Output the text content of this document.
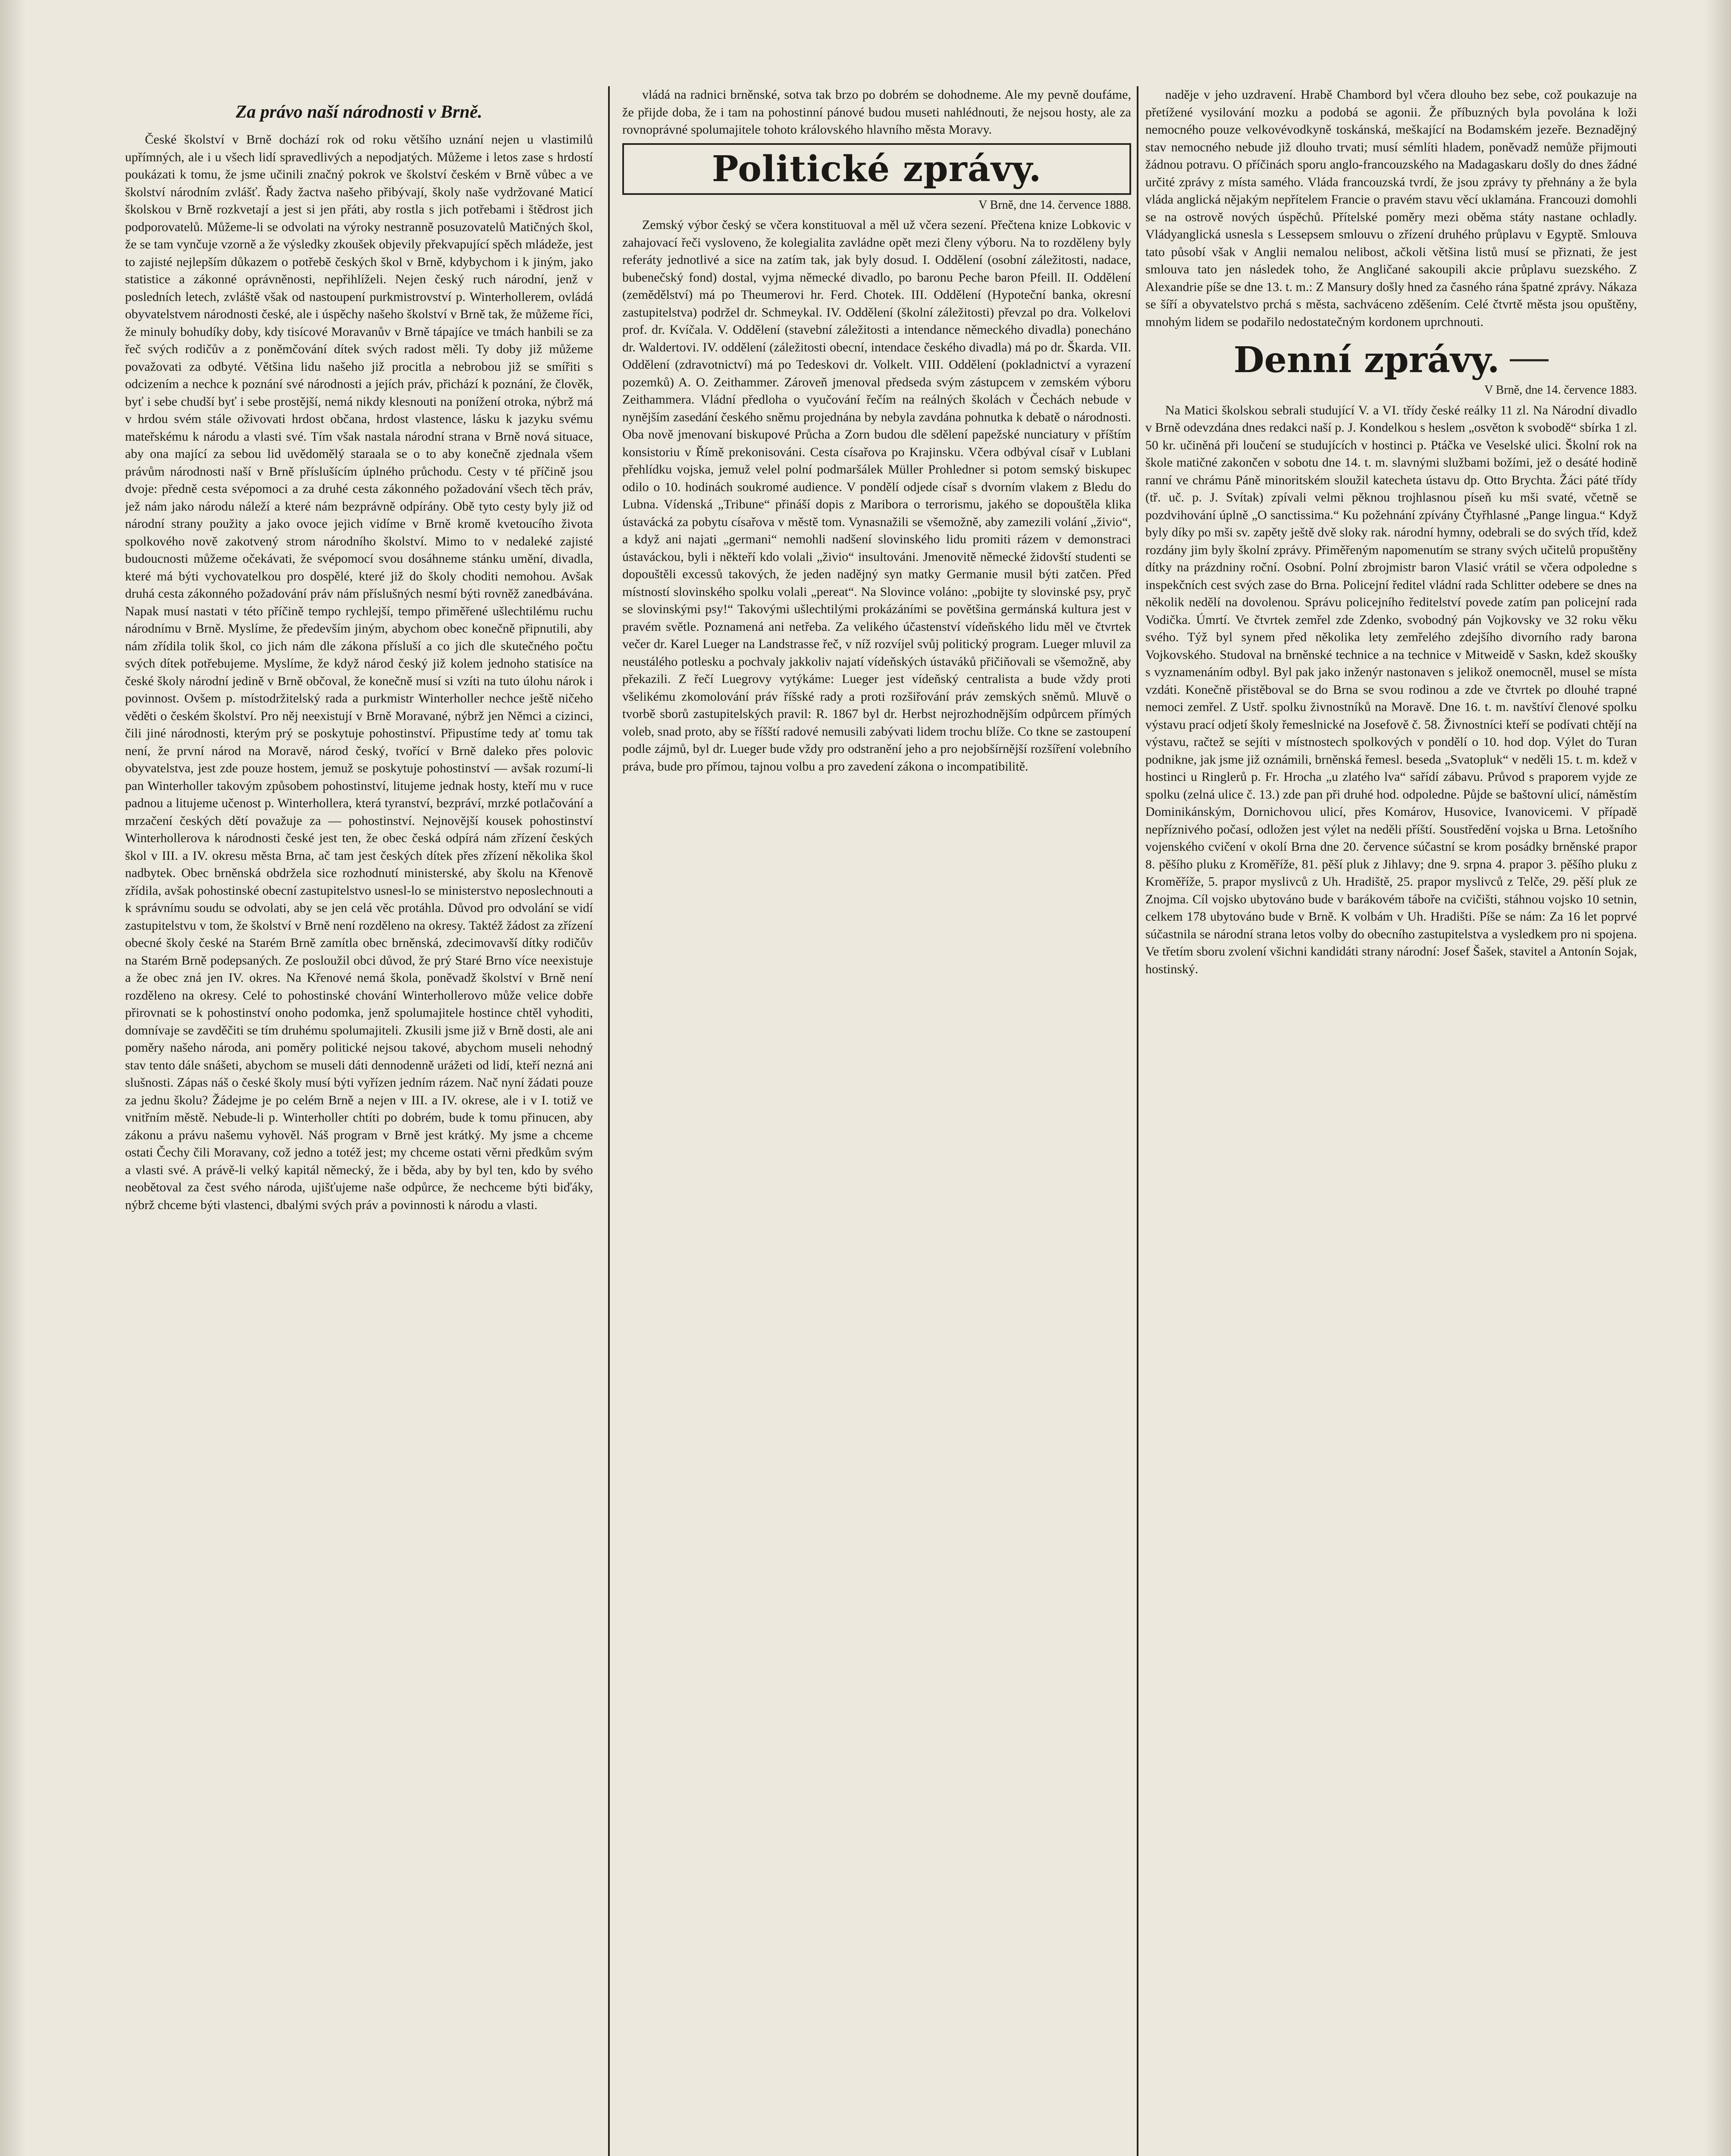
Za právo naší národnosti v Brně.

České školství v Brně dochází rok od roku většího uznání nejen u vlastimilů upřímných, ale i u všech lidí spravedlivých a nepodjatých. Můžeme i letos zase s hrdostí poukázati k tomu, že jsme učinili značný pokrok ve školství českém v Brně vůbec a ve školství národním zvlášť. Řady žactva našeho přibývají, školy naše vydržované Maticí školskou v Brně rozkvetají a jest si jen přáti, aby rostla s jich potřebami i štědrost jich podporovatelů. Můžeme-li se odvolati na výroky nestranně posuzovatelů Matičných škol, že se tam vynčuje vzorně a že výsledky zkoušek objevily překvapující spěch mládeže, jest to zajisté nejlepším důkazem o potřebě českých škol v Brně, kdybychom i k jiným, jako statistice a zákonné oprávněnosti, nepřihlíželi. Nejen český ruch národní, jenž v posledních letech, zvláště však od nastoupení purkmistrovství p. Winterhollerem, ovládá obyvatelstvem národnosti české, ale i úspěchy našeho školství v Brně tak, že můžeme říci, že minuly bohudíky doby, kdy tisícové Moravanův v Brně tápajíce ve tmách hanbili se za řeč svých rodičův a z poněmčování dítek svých radost měli. Ty doby již můžeme považovati za odbyté. Většina lidu našeho již procitla a nebrobou již se smířiti s odcizením a nechce k poznání své národnosti a jejích práv, přichází k poznání, že člověk, byť i sebe chudší byť i sebe prostější, nemá nikdy klesnouti na ponížení otroka, nýbrž má v hrdou svém stále oživovati hrdost občana, hrdost vlastence, lásku k jazyku svému mateřskému k národu a vlasti své. Tím však nastala národní strana v Brně nová situace, aby ona mající za sebou lid uvědomělý staraala se o to aby konečně zjednala všem právům národnosti naší v Brně příslušícím úplného průchodu. Cesty v té příčině jsou dvoje: předně cesta svépomoci a za druhé cesta zákonného požadování všech těch práv, jež nám jako národu náleží a které nám bezprávně odpírány. Obě tyto cesty byly již od národní strany použity a jako ovoce jejich vidíme v Brně kromě kvetoucího života spolkového nově zakotvený strom národního školství. Mimo to v nedaleké zajisté budoucnosti můžeme očekávati, že svépomocí svou dosáhneme stánku umění, divadla, které má býti vychovatelkou pro dospělé, které již do školy choditi nemohou. Avšak druhá cesta zákonného požadování práv nám příslušných nesmí býti rovněž zanedbávána. Napak musí nastati v této příčině tempo rychlejší, tempo přiměřené ušlechtilému ruchu národnímu v Brně. Myslíme, že především jiným, abychom obec konečně připnutili, aby nám zřídila tolik škol, co jich nám dle zákona přísluší a co jich dle skutečného počtu svých dítek potřebujeme. Myslíme, že když národ český již kolem jednoho statisíce na české školy národní jedině v Brně občoval, že konečně musí si vzíti na tuto úlohu nárok i povinnost. Ovšem p. místodržitelský rada a purkmistr Winterholler nechce ještě ničeho věděti o českém školství. Pro něj neexistují v Brně Moravané, nýbrž jen Němci a cizinci, čili jiné národnosti, kterým prý se poskytuje pohostinství. Připustíme tedy ať tomu tak není, že první národ na Moravě, národ český, tvořící v Brně daleko přes polovic obyvatelstva, jest zde pouze hostem, jemuž se poskytuje pohostinství — avšak rozumí-li pan Winterholler takovým způsobem pohostinství, litujeme jednak hosty, kteří mu v ruce padnou a litujeme učenost p. Winterhollera, která tyranství, bezpráví, mrzké potlačování a mrzačení českých dětí považuje za — pohostinství. Nejnovější kousek pohostinství Winterhollerova k národnosti české jest ten, že obec česká odpírá nám zřízení českých škol v III. a IV. okresu města Brna, ač tam jest českých dítek přes zřízení několika škol nadbytek. Obec brněnská obdržela sice rozhodnutí ministerské, aby školu na Křenově zřídila, avšak pohostinské obecní zastupitelstvo usnesl-lo se ministerstvo neposlechnouti a k správnímu soudu se odvolati, aby se jen celá věc protáhla. Důvod pro odvolání se vidí zastupitelstvu v tom, že školství v Brně není rozděleno na okresy. Taktéž žádost za zřízení obecné školy české na Starém Brně zamítla obec brněnská, zdecimovavší dítky rodičův na Starém Brně podepsaných. Ze posloužil obci důvod, že prý Staré Brno více neexistuje a že obec zná jen IV. okres. Na Křenové nemá škola, poněvadž školství v Brně není rozděleno na okresy. Celé to pohostinské chování Winterhollerovo může velice dobře přirovnati se k pohostinství onoho podomka, jenž spolumajitele hostince chtěl vyhoditi, domnívaje se zavděčiti se tím druhému spolumajiteli. Zkusili jsme již v Brně dosti, ale ani poměry našeho národa, ani poměry politické nejsou takové, abychom museli nehodný stav tento dále snášeti, abychom se museli dáti dennodenně urážeti od lidí, kteří nezná ani slušnosti. Zápas náš o české školy musí býti vyřízen jedním rázem. Nač nyní žádati pouze za jednu školu? Žádejme je po celém Brně a nejen v III. a IV. okrese, ale i v I. totiž ve vnitřním městě. Nebude-li p. Winterholler chtíti po dobrém, bude k tomu přinucen, aby zákonu a právu našemu vyhověl. Náš program v Brně jest krátký. My jsme a chceme ostati Čechy čili Moravany, což jedno a totéž jest; my chceme ostati věrni předkům svým a vlasti své. A právě-li velký kapitál německý, že i běda, aby by byl ten, kdo by svého neobětoval za čest svého národa, ujišťujeme naše odpůrce, že nechceme býti biďáky, nýbrž chceme býti vlastenci, dbalými svých práv a povinnosti k národu a vlasti.

vládá na radnici brněnské, sotva tak brzo po dobrém se dohodneme. Ale my pevně doufáme, že přijde doba, že i tam na pohostinní pánové budou museti nahlédnouti, že nejsou hosty, ale za rovnoprávné spolumajitele tohoto královského hlavního města Moravy.

Politické zprávy.
V Brně, dne 14. července 1888.

Zemský výbor český se včera konstituoval a měl už včera sezení. Přečtena knize Lobkovic v zahajovací řeči vysloveno, že kolegialita zavládne opět mezi členy výboru. Na to rozděleny byly referáty jednotlivé a sice na zatím tak, jak byly dosud. I. Oddělení (osobní záležitosti, nadace, bubenečský fond) dostal, vyjma německé divadlo, po baronu Peche baron Pfeill. II. Oddělení (zemědělství) má po Theumerovi hr. Ferd. Chotek. III. Oddělení (Hypoteční banka, okresní zastupitelstva) podržel dr. Schmeykal. IV. Oddělení (školní záležitosti) převzal po dra. Volkelovi prof. dr. Kvíčala. V. Oddělení (stavební záležitosti a intendance německého divadla) ponecháno dr. Waldertovi. IV. oddělení (záležitosti obecní, intendace českého divadla) má po dr. Škarda. VII. Oddělení (zdravotnictví) má po Tedeskovi dr. Volkelt. VIII. Oddělení (pokladnictví a vyrazení pozemků) A. O. Zeithammer. Zároveň jmenoval předseda svým zástupcem v zemském výboru Zeithammera. Vládní předloha o vyučování řečím na reálných školách v Čechách nebude v nynějším zasedání českého sněmu projednána by nebyla zavdána pohnutka k debatě o národnosti. Oba nově jmenovaní biskupové Průcha a Zorn budou dle sdělení papežské nunciatury v příštím konsistoriu v Římě prekonisováni. Cesta císařova po Krajinsku. Včera odbýval císař v Lublani přehlídku vojska, jemuž velel polní podmaršálek Müller Prohledner si potom semský biskupec odilo o 10. hodinách soukromé audience. V pondělí odjede císař s dvorním vlakem z Bledu do Lubna. Vídenská „Tribune“ přináší dopis z Maribora o terrorismu, jakého se dopouštěla klika ústavácká za pobytu císařova v městě tom. Vynasnažili se všemožně, aby zamezili volání „živio“, a když ani najati „germani“ nemohli nadšení slovinského lidu promiti rázem v demonstraci ústaváckou, byli i někteří kdo volali „živio“ insultováni. Jmenovitě německé židovští studenti se dopouštěli excessů takových, že jeden nadějný syn matky Germanie musil býti zatčen. Před místností slovinského spolku volali „pereat“. Na Slovince voláno: „pobijte ty slovinské psy, pryč se slovinskými psy!“ Takovými ušlechtilými prokázáními se povětšina germánská kultura jest v pravém světle. Poznamená ani netřeba. Za velikého účastenství vídeňského lidu měl ve čtvrtek večer dr. Karel Lueger na Landstrasse řeč, v níž rozvíjel svůj politický program. Lueger mluvil za neustálého potlesku a pochvaly jakkoliv najatí vídeňských ústaváků přičiňovali se všemožně, aby překazili. Z řečí Luegrovy vytýkáme: Lueger jest vídeňský centralista a bude vždy proti všelikému zkomolování práv říšské rady a proti rozšiřování práv zemských sněmů. Mluvě o tvorbě sborů zastupitelských pravil: R. 1867 byl dr. Herbst nejrozhodnějším odpůrcem přímých voleb, snad proto, aby se říšští radové nemusili zabývati lidem trochu blíže. Co tkne se zastoupení podle zájmů, byl dr. Lueger bude vždy pro odstranění jeho a pro nejobšírnější rozšíření volebního práva, bude pro přímou, tajnou volbu a pro zavedení zákona o incompatibilitě.

naděje v jeho uzdravení. Hrabě Chambord byl včera dlouho bez sebe, což poukazuje na přetížené vysilování mozku a podobá se agonii. Že příbuzných byla povolána k loži nemocného pouze velkovévodkyně toskánská, meškající na Bodamském jezeře. Beznadějný stav nemocného nebude již dlouho trvati; musí sémlíti hladem, poněvadž nemůže přijmouti žádnou potravu. O příčinách sporu anglo-francouzského na Madagaskaru došly do dnes žádné určité zprávy z místa samého. Vláda francouzská tvrdí, že jsou zprávy ty přehnány a že byla vláda anglická nějakým nepřítelem Francie o pravém stavu věcí uklamána. Francouzi domohli se na ostrově nových úspěchů. Přítelské poměry mezi oběma státy nastane ochladly. Vládyanglická usnesla s Lessepsem smlouvu o zřízení druhého průplavu v Egyptě. Smlouva tato působí však v Anglii nemalou nelibost, ačkoli většina listů musí se přiznati, že jest smlouva tato jen následek toho, že Angličané sakoupili akcie průplavu suezského. Z Alexandrie píše se dne 13. t. m.: Z Mansury došly hned za časného rána špatné zprávy. Nákaza se šíří a obyvatelstvo prchá s města, sachváceno zděšením. Celé čtvrtě města jsou opuštěny, mnohým lidem se podařilo nedostatečným kordonem uprchnouti.

Denní zprávy.
V Brně, dne 14. července 1883.

Na Matici školskou sebrali studující V. a VI. třídy české reálky 11 zl. Na Národní divadlo v Brně odevzdána dnes redakci naší p. J. Kondelkou s heslem „osvěton k svobodě“ sbírka 1 zl. 50 kr. učiněná při loučení se studujících v hostinci p. Ptáčka ve Veselské ulici. Školní rok na škole matičné zakončen v sobotu dne 14. t. m. slavnými službami božími, jež o desáté hodině ranní ve chrámu Páně minoritském sloužil katecheta ústavu dp. Otto Brychta. Žáci páté třídy (tř. uč. p. J. Svítak) zpívali velmi pěknou trojhlasnou píseň ku mši svaté, včetně se pozdvihování úplně „O sanctissima.“ Ku požehnání zpívány Čtyřhlasné „Pange lingua.“ Když byly díky po mši sv. zapěty ještě dvě sloky rak. národní hymny, odebrali se do svých tříd, kdež rozdány jim byly školní zprávy. Přiměřeným napomenutím se strany svých učitelů propuštěny dítky na prázdniny roční. Osobní. Polní zbrojmistr baron Vlasić vrátil se včera odpoledne s inspekčních cest svých zase do Brna. Policejní ředitel vládní rada Schlitter odebere se dnes na několik nedělí na dovolenou. Správu policejního ředitelství povede zatím pan policejní rada Vodička. Úmrtí. Ve čtvrtek zemřel zde Zdenko, svobodný pán Vojkovsky ve 32 roku věku svého. Týž byl synem před několika lety zemřelého zdejšího divorního rady barona Vojkovského. Studoval na brněnské technice a na technice v Mitweidě v Saskn, kdež skoušky s vyznamenáním odbyl. Byl pak jako inženýr nastonaven s jelikož onemocněl, musel se místa vzdáti. Konečně přistěboval se do Brna se svou rodinou a zde ve čtvrtek po dlouhé trapné nemoci zemřel. Z Ustř. spolku živnostníků na Moravě. Dne 16. t. m. navštíví členové spolku výstavu prací odjetí školy řemeslnické na Josefově č. 58. Živnostníci kteří se podívati chtějí na výstavu, račtež se sejíti v místnostech spolkových v pondělí o 10. hod dop. Výlet do Turan podnikne, jak jsme již oznámili, brněnská řemesl. beseda „Svatopluk“ v neděli 15. t. m. kdež v hostinci u Ringlerů p. Fr. Hrocha „u zlatého lva“ sařídí zábavu. Průvod s praporem vyjde ze spolku (zelná ulice č. 13.) zde pan při druhé hod. odpoledne. Půjde se baštovní ulicí, náměstím Dominikánským, Dornichovou ulicí, přes Komárov, Husovice, Ivanovicemi. V případě nepříznivého počasí, odložen jest výlet na neděli příští. Soustředění vojska u Brna. Letošního vojenského cvičení v okolí Brna dne 20. července súčastní se krom posádky brněnské prapor 8. pěšího pluku z Kroměříže, 81. pěší pluk z Jihlavy; dne 9. srpna 4. prapor 3. pěšího pluku z Kroměříže, 5. prapor myslivců z Uh. Hradiště, 25. prapor myslivců z Telče, 29. pěší pluk ze Znojma. Cíl vojsko ubytováno bude v barákovém táboře na cvičišti, stáhnou vojsko 10 setnin, celkem 178 ubytováno bude v Brně. K volbám v Uh. Hradišti. Píše se nám: Za 16 let poprvé súčastnila se národní strana letos volby do obecního zastupitelstva a vysledkem pro ni spojena. Ve třetím sboru zvolení všichni kandidáti strany národní: Josef Šašek, stavitel a Antonín Sojak, hostinský.
